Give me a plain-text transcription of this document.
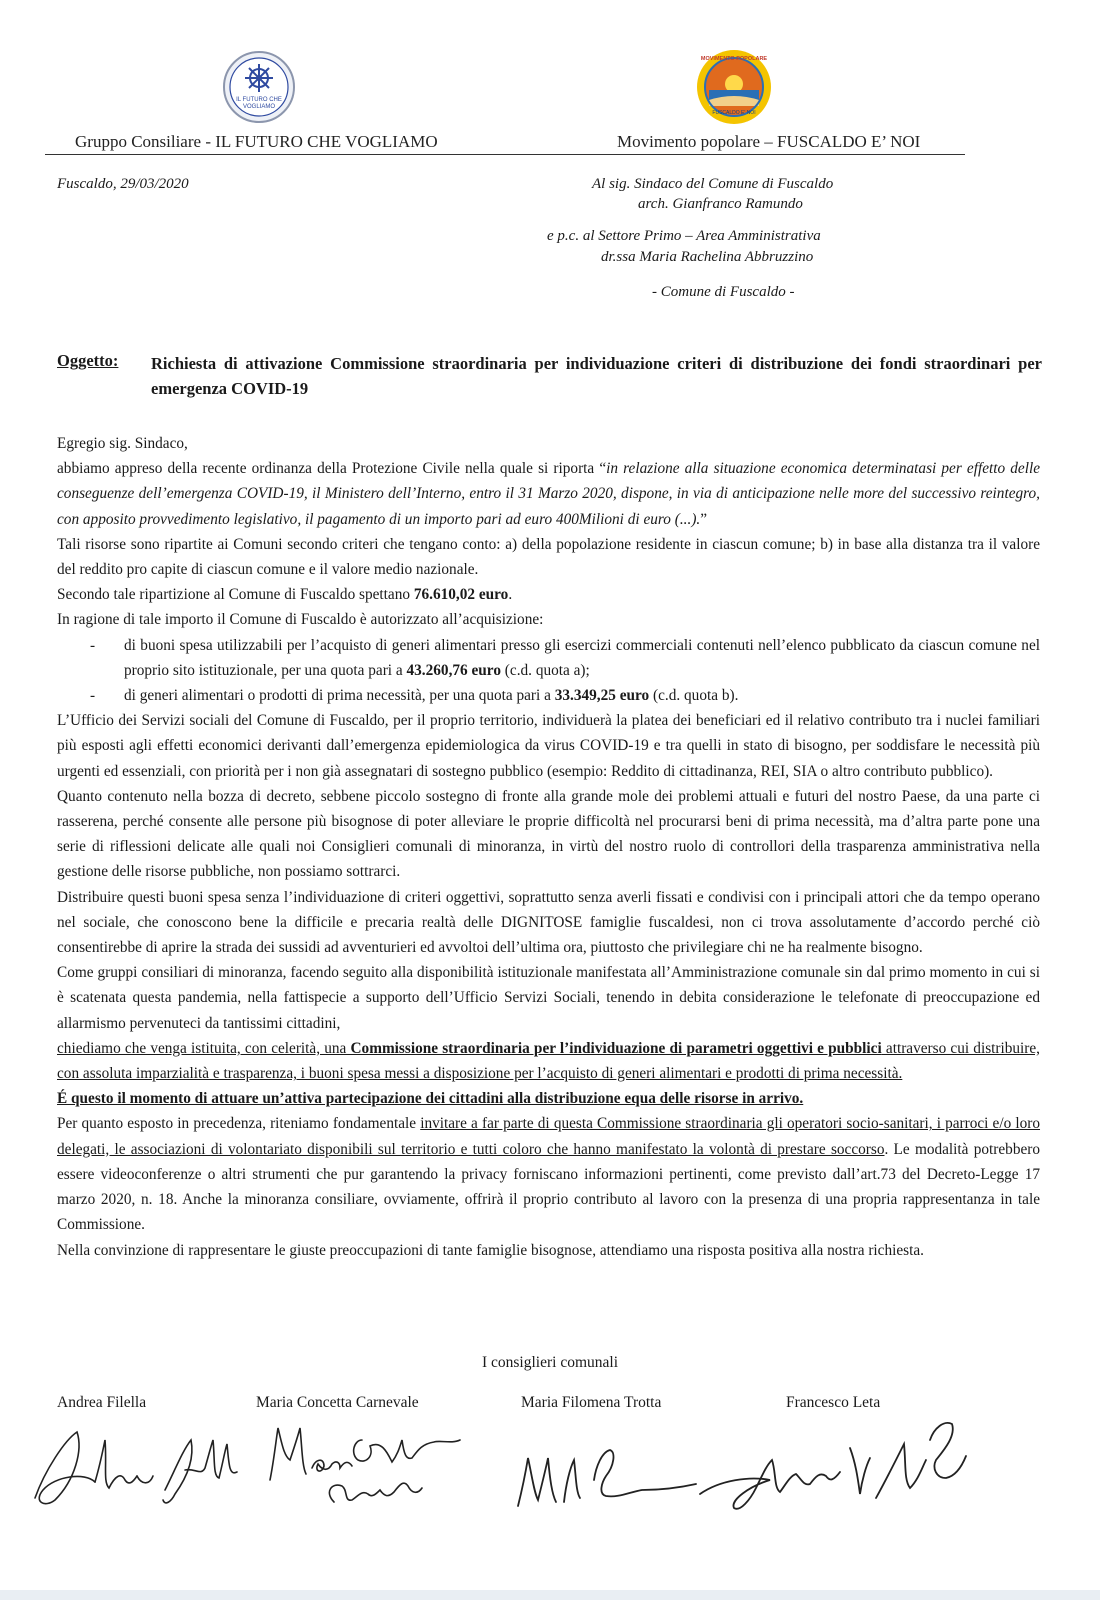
IL FUTURO CHE
VOGLIAMO
MOVIMENTO POPOLARE
FUSCALDO E' NOI
Gruppo Consiliare - IL FUTURO CHE VOGLIAMO	Movimento popolare – FUSCALDO E’ NOI
Fuscaldo, 29/03/2020	Al sig. Sindaco del Comune di Fuscaldo
arch. Gianfranco Ramundo
e p.c. al Settore Primo – Area Amministrativa
dr.ssa Maria Rachelina Abbruzzino
- Comune di Fuscaldo -
Oggetto: Richiesta di attivazione Commissione straordinaria per individuazione criteri di distribuzione dei fondi straordinari per emergenza COVID-19

Egregio sig. Sindaco,

abbiamo appreso della recente ordinanza della Protezione Civile nella quale si riporta “in relazione alla situazione economica determinatasi per effetto delle conseguenze dell’emergenza COVID-19, il Ministero dell’Interno, entro il 31 Marzo 2020, dispone, in via di anticipazione nelle more del successivo reintegro, con apposito provvedimento legislativo, il pagamento di un importo pari ad euro 400Milioni di euro (...).”

Tali risorse sono ripartite ai Comuni secondo criteri che tengano conto: a) della popolazione residente in ciascun comune; b) in base alla distanza tra il valore del reddito pro capite di ciascun comune e il valore medio nazionale.

Secondo tale ripartizione al Comune di Fuscaldo spettano 76.610,02 euro.

In ragione di tale importo il Comune di Fuscaldo è autorizzato all’acquisizione:

- di buoni spesa utilizzabili per l’acquisto di generi alimentari presso gli esercizi commerciali contenuti nell’elenco pubblicato da ciascun comune nel proprio sito istituzionale, per una quota pari a 43.260,76 euro (c.d. quota a);

- di generi alimentari o prodotti di prima necessità, per una quota pari a 33.349,25 euro (c.d. quota b).

L’Ufficio dei Servizi sociali del Comune di Fuscaldo, per il proprio territorio, individuerà la platea dei beneficiari ed il relativo contributo tra i nuclei familiari più esposti agli effetti economici derivanti dall’emergenza epidemiologica da virus COVID-19 e tra quelli in stato di bisogno, per soddisfare le necessità più urgenti ed essenziali, con priorità per i non già assegnatari di sostegno pubblico (esempio: Reddito di cittadinanza, REI, SIA o altro contributo pubblico).

Quanto contenuto nella bozza di decreto, sebbene piccolo sostegno di fronte alla grande mole dei problemi attuali e futuri del nostro Paese, da una parte ci rasserena, perché consente alle persone più bisognose di poter alleviare le proprie difficoltà nel procurarsi beni di prima necessità, ma d’altra parte pone una serie di riflessioni delicate alle quali noi Consiglieri comunali di minoranza, in virtù del nostro ruolo di controllori della trasparenza amministrativa nella gestione delle risorse pubbliche, non possiamo sottrarci.

Distribuire questi buoni spesa senza l’individuazione di criteri oggettivi, soprattutto senza averli fissati e condivisi con i principali attori che da tempo operano nel sociale, che conoscono bene la difficile e precaria realtà delle DIGNITOSE famiglie fuscaldesi, non ci trova assolutamente d’accordo perché ciò consentirebbe di aprire la strada dei sussidi ad avventurieri ed avvoltoi dell’ultima ora, piuttosto che privilegiare chi ne ha realmente bisogno.

Come gruppi consiliari di minoranza, facendo seguito alla disponibilità istituzionale manifestata all’Amministrazione comunale sin dal primo momento in cui si è scatenata questa pandemia, nella fattispecie a supporto dell’Ufficio Servizi Sociali, tenendo in debita considerazione le telefonate di preoccupazione ed allarmismo pervenuteci da tantissimi cittadini,

chiediamo che venga istituita, con celerità, una Commissione straordinaria per l’individuazione di parametri oggettivi e pubblici attraverso cui distribuire, con assoluta imparzialità e trasparenza, i buoni spesa messi a disposizione per l’acquisto di generi alimentari e prodotti di prima necessità.

É questo il momento di attuare un’attiva partecipazione dei cittadini alla distribuzione equa delle risorse in arrivo.

Per quanto esposto in precedenza, riteniamo fondamentale invitare a far parte di questa Commissione straordinaria gli operatori socio-sanitari, i parroci e/o loro delegati, le associazioni di volontariato disponibili sul territorio e tutti coloro che hanno manifestato la volontà di prestare soccorso. Le modalità potrebbero essere videoconferenze o altri strumenti che pur garantendo la privacy forniscano informazioni pertinenti, come previsto dall’art.73 del Decreto-Legge 17 marzo 2020, n. 18. Anche la minoranza consiliare, ovviamente, offrirà il proprio contributo al lavoro con la presenza di una propria rappresentanza in tale Commissione.

Nella convinzione di rappresentare le giuste preoccupazioni di tante famiglie bisognose, attendiamo una risposta positiva alla nostra richiesta.

I consiglieri comunali
Andrea Filella	Maria Concetta Carnevale	Maria Filomena Trotta	Francesco Leta
